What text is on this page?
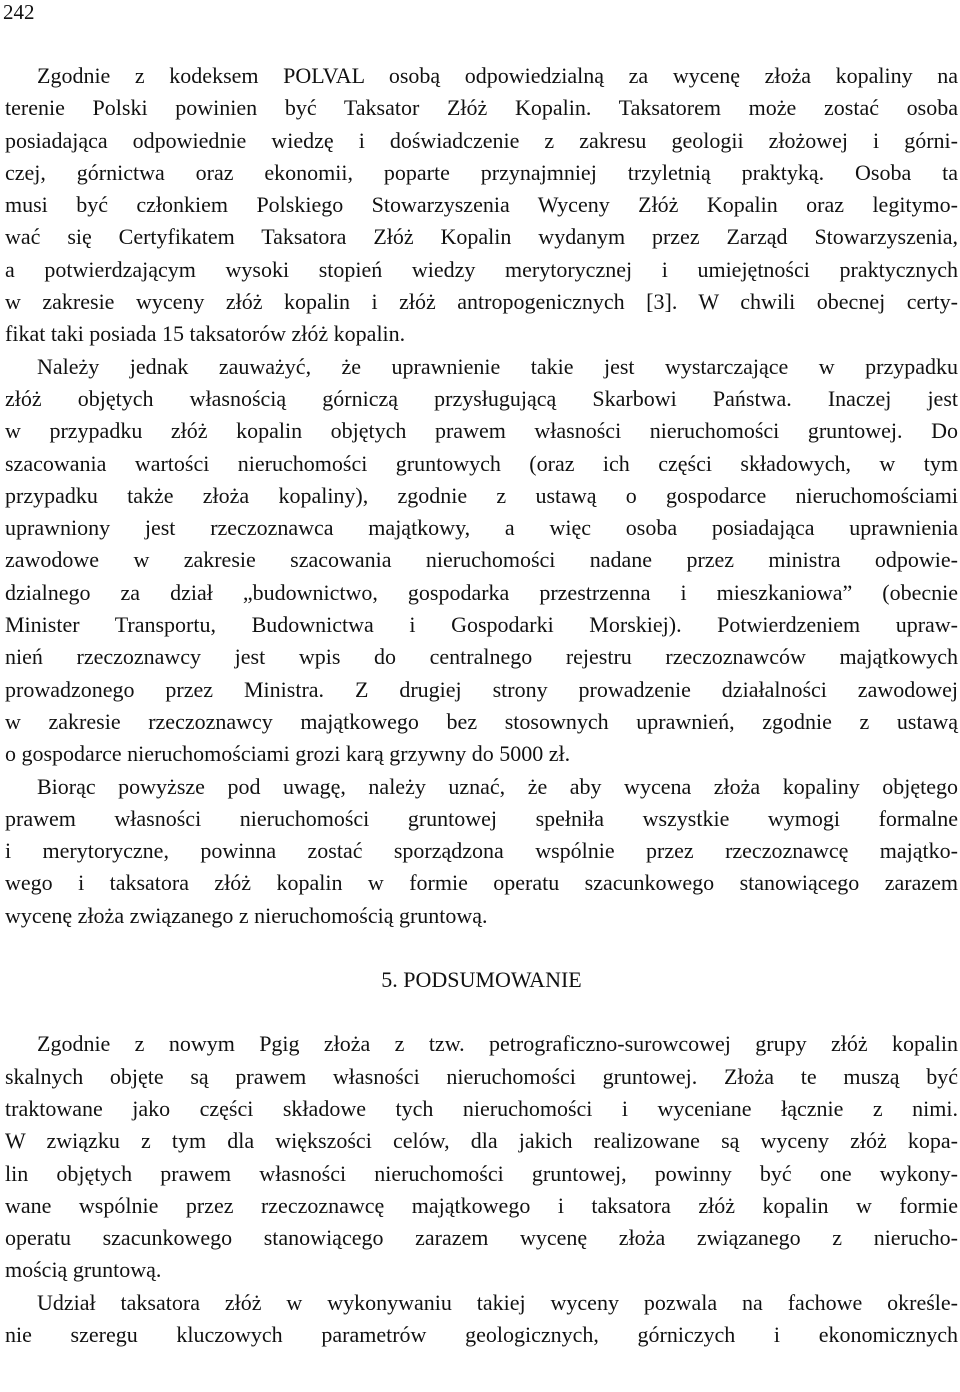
242
Zgodnie z kodeksem POLVAL osobą odpowiedzialną za wycenę złoża kopaliny na
terenie Polski powinien być Taksator Złóż Kopalin. Taksatorem może zostać osoba
posiadająca odpowiednie wiedzę i doświadczenie z zakresu geologii złożowej i górni-
czej, górnictwa oraz ekonomii, poparte przynajmniej trzyletnią praktyką. Osoba ta
musi być członkiem Polskiego Stowarzyszenia Wyceny Złóż Kopalin oraz legitymo-
wać się Certyfikatem Taksatora Złóż Kopalin wydanym przez Zarząd Stowarzyszenia,
a potwierdzającym wysoki stopień wiedzy merytorycznej i umiejętności praktycznych
w zakresie wyceny złóż kopalin i złóż antropogenicznych [3]. W chwili obecnej certy-
fikat taki posiada 15 taksatorów złóż kopalin.
Należy jednak zauważyć, że uprawnienie takie jest wystarczające w przypadku
złóż objętych własnością górniczą przysługującą Skarbowi Państwa. Inaczej jest
w przypadku złóż kopalin objętych prawem własności nieruchomości gruntowej. Do
szacowania wartości nieruchomości gruntowych (oraz ich części składowych, w tym
przypadku także złoża kopaliny), zgodnie z ustawą o gospodarce nieruchomościami
uprawniony jest rzeczoznawca majątkowy, a więc osoba posiadająca uprawnienia
zawodowe w zakresie szacowania nieruchomości nadane przez ministra odpowie-
dzialnego za dział „budownictwo, gospodarka przestrzenna i mieszkaniowa” (obecnie
Minister Transportu, Budownictwa i Gospodarki Morskiej). Potwierdzeniem upraw-
nień rzeczoznawcy jest wpis do centralnego rejestru rzeczoznawców majątkowych
prowadzonego przez Ministra. Z drugiej strony prowadzenie działalności zawodowej
w zakresie rzeczoznawcy majątkowego bez stosownych uprawnień, zgodnie z ustawą
o gospodarce nieruchomościami grozi karą grzywny do 5000 zł.
Biorąc powyższe pod uwagę, należy uznać, że aby wycena złoża kopaliny objętego
prawem własności nieruchomości gruntowej spełniła wszystkie wymogi formalne
i merytoryczne, powinna zostać sporządzona wspólnie przez rzeczoznawcę majątko-
wego i taksatora złóż kopalin w formie operatu szacunkowego stanowiącego zarazem
wycenę złoża związanego z nieruchomością gruntową.
5. PODSUMOWANIE
Zgodnie z nowym Pgig złoża z tzw. petrograficzno-surowcowej grupy złóż kopalin
skalnych objęte są prawem własności nieruchomości gruntowej. Złoża te muszą być
traktowane jako części składowe tych nieruchomości i wyceniane łącznie z nimi.
W związku z tym dla większości celów, dla jakich realizowane są wyceny złóż kopa-
lin objętych prawem własności nieruchomości gruntowej, powinny być one wykony-
wane wspólnie przez rzeczoznawcę majątkowego i taksatora złóż kopalin w formie
operatu szacunkowego stanowiącego zarazem wycenę złoża związanego z nierucho-
mością gruntową.
Udział taksatora złóż w wykonywaniu takiej wyceny pozwala na fachowe określe-
nie szeregu kluczowych parametrów geologicznych, górniczych i ekonomicznych
